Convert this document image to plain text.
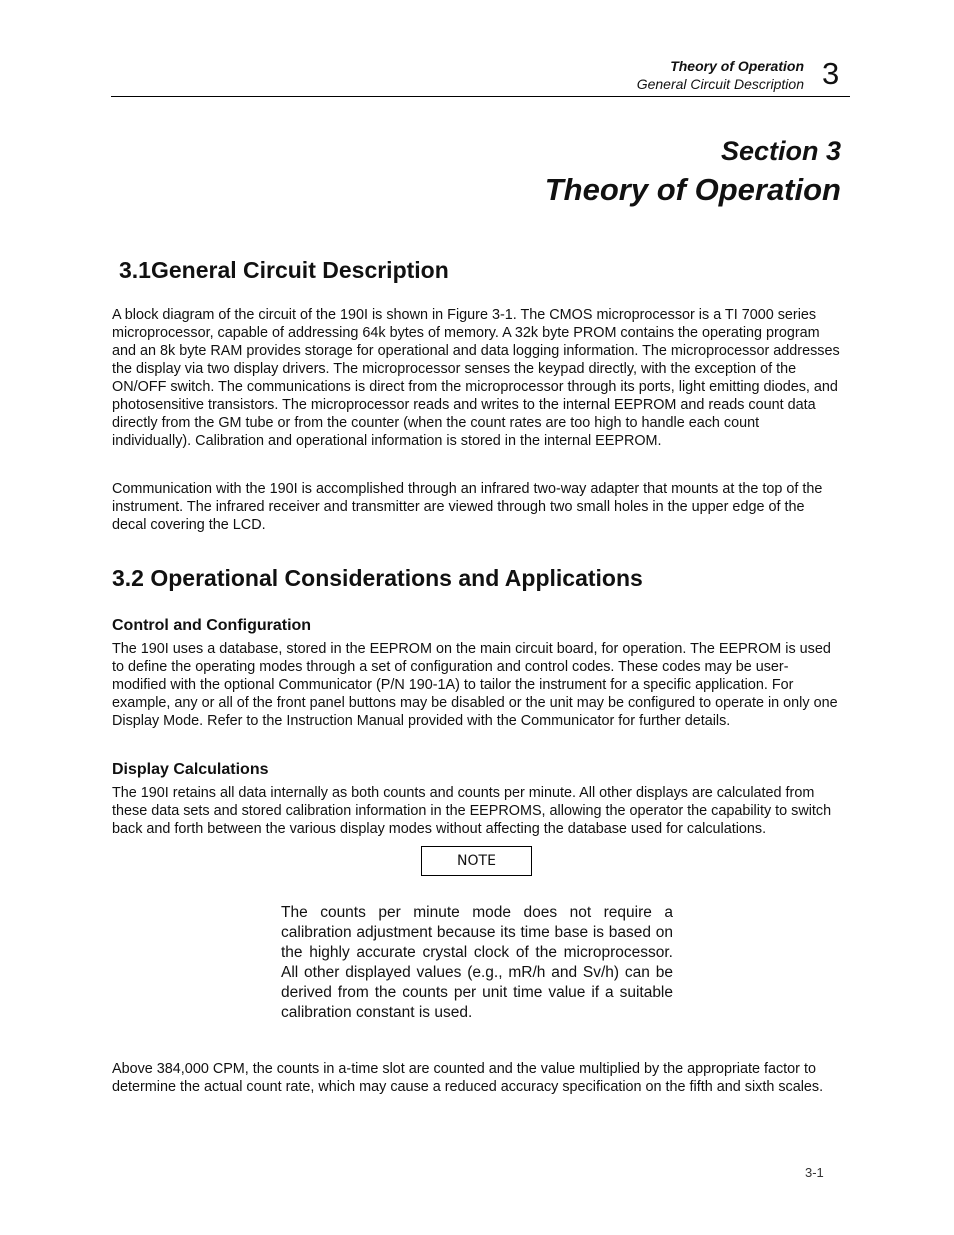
Theory of Operation
General Circuit Description 3
Section 3
Theory of Operation
3.1General Circuit Description
A block diagram of the circuit of the 190I is shown in Figure 3-1. The CMOS microprocessor is a TI 7000 series microprocessor, capable of addressing 64k bytes of memory. A 32k byte PROM contains the operating program and an 8k byte RAM provides storage for operational and data logging information. The microprocessor addresses the display via two display drivers. The microprocessor senses the keypad directly, with the exception of the ON/OFF switch. The communications is direct from the microprocessor through its ports, light emitting diodes, and photosensitive transistors. The microprocessor reads and writes to the internal EEPROM and reads count data directly from the GM tube or from the counter (when the count rates are too high to handle each count individually). Calibration and operational information is stored in the internal EEPROM.
Communication with the 190I is accomplished through an infrared two-way adapter that mounts at the top of the instrument. The infrared receiver and transmitter are viewed through two small holes in the upper edge of the decal covering the LCD.
3.2 Operational Considerations and Applications
Control and Configuration
The 190I uses a database, stored in the EEPROM on the main circuit board, for operation. The EEPROM is used to define the operating modes through a set of configuration and control codes. These codes may be user-modified with the optional Communicator (P/N 190-1A) to tailor the instrument for a specific application. For example, any or all of the front panel buttons may be disabled or the unit may be configured to operate in only one Display Mode. Refer to the Instruction Manual provided with the Communicator for further details.
Display Calculations
The 190I retains all data internally as both counts and counts per minute. All other displays are calculated from these data sets and stored calibration information in the EEPROMS, allowing the operator the capability to switch back and forth between the various display modes without affecting the database used for calculations.
NOTE
The counts per minute mode does not require a calibration adjustment because its time base is based on the highly accurate crystal clock of the microprocessor. All other displayed values (e.g., mR/h and Sv/h) can be derived from the counts per unit time value if a suitable calibration constant is used.
Above 384,000 CPM, the counts in a-time slot are counted and the value multiplied by the appropriate factor to determine the actual count rate, which may cause a reduced accuracy specification on the fifth and sixth scales.
3-1
